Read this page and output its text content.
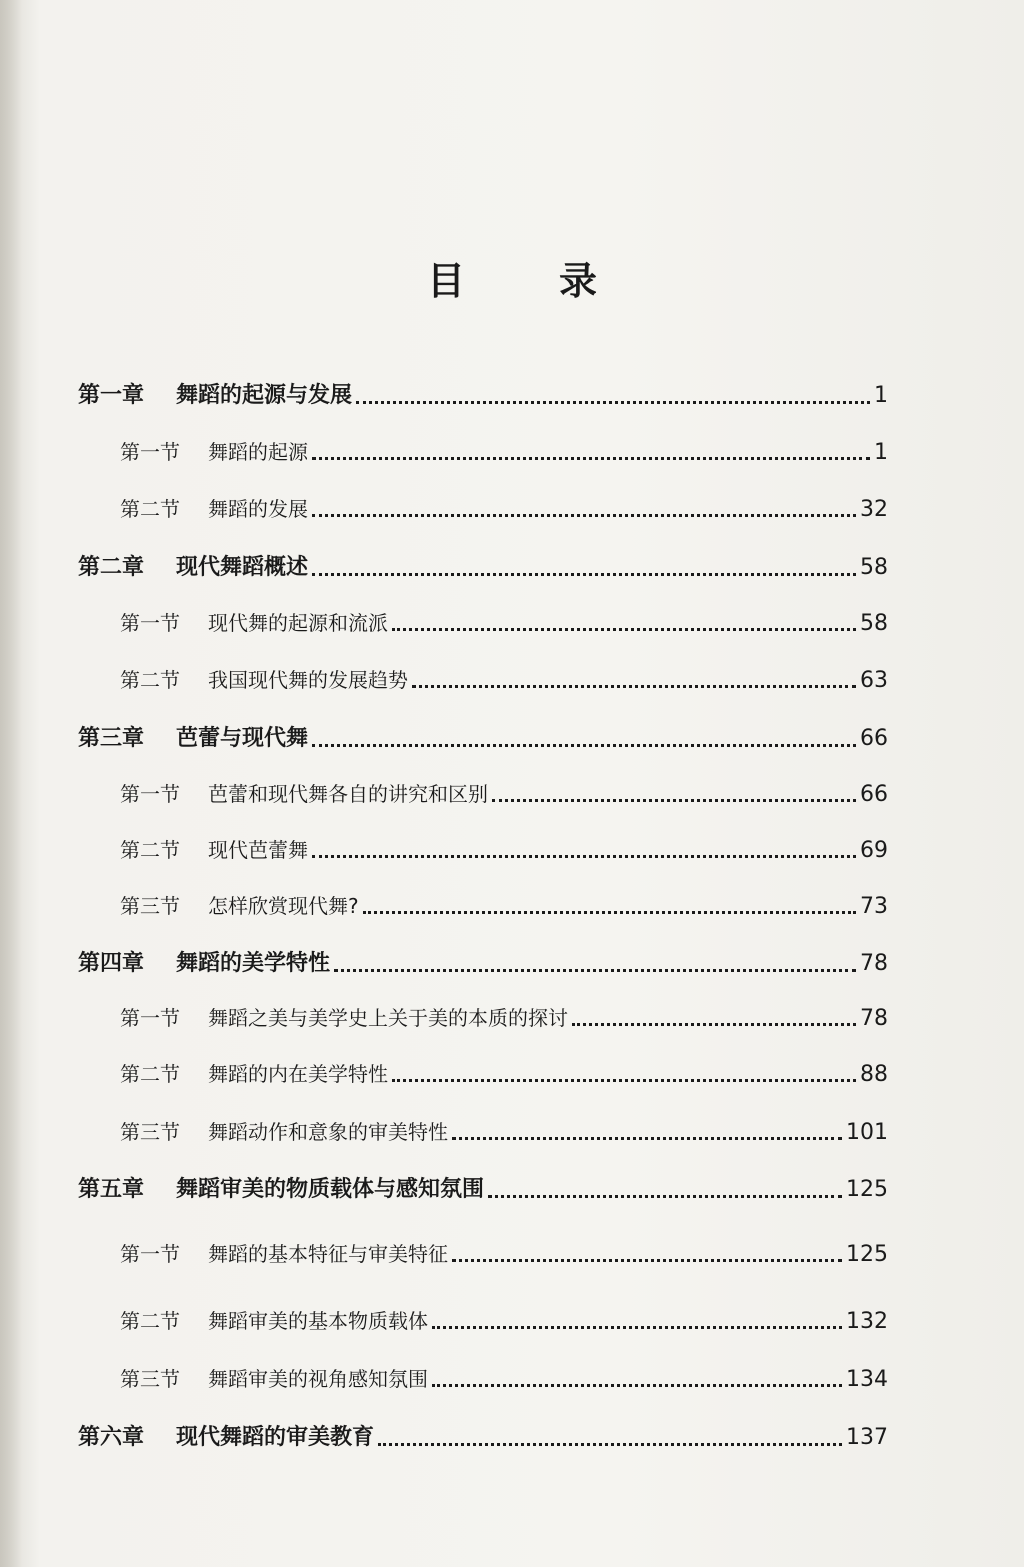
目　录
第一章	舞蹈的起源与发展	1
第一节	舞蹈的起源	1
第二节	舞蹈的发展	32
第二章	现代舞蹈概述	58
第一节	现代舞的起源和流派	58
第二节	我国现代舞的发展趋势	63
第三章	芭蕾与现代舞	66
第一节	芭蕾和现代舞各自的讲究和区别	66
第二节	现代芭蕾舞	69
第三节	怎样欣赏现代舞?	73
第四章	舞蹈的美学特性	78
第一节	舞蹈之美与美学史上关于美的本质的探讨	78
第二节	舞蹈的内在美学特性	88
第三节	舞蹈动作和意象的审美特性	101
第五章	舞蹈审美的物质载体与感知氛围	125
第一节	舞蹈的基本特征与审美特征	125
第二节	舞蹈审美的基本物质载体	132
第三节	舞蹈审美的视角感知氛围	134
第六章	现代舞蹈的审美教育	137
